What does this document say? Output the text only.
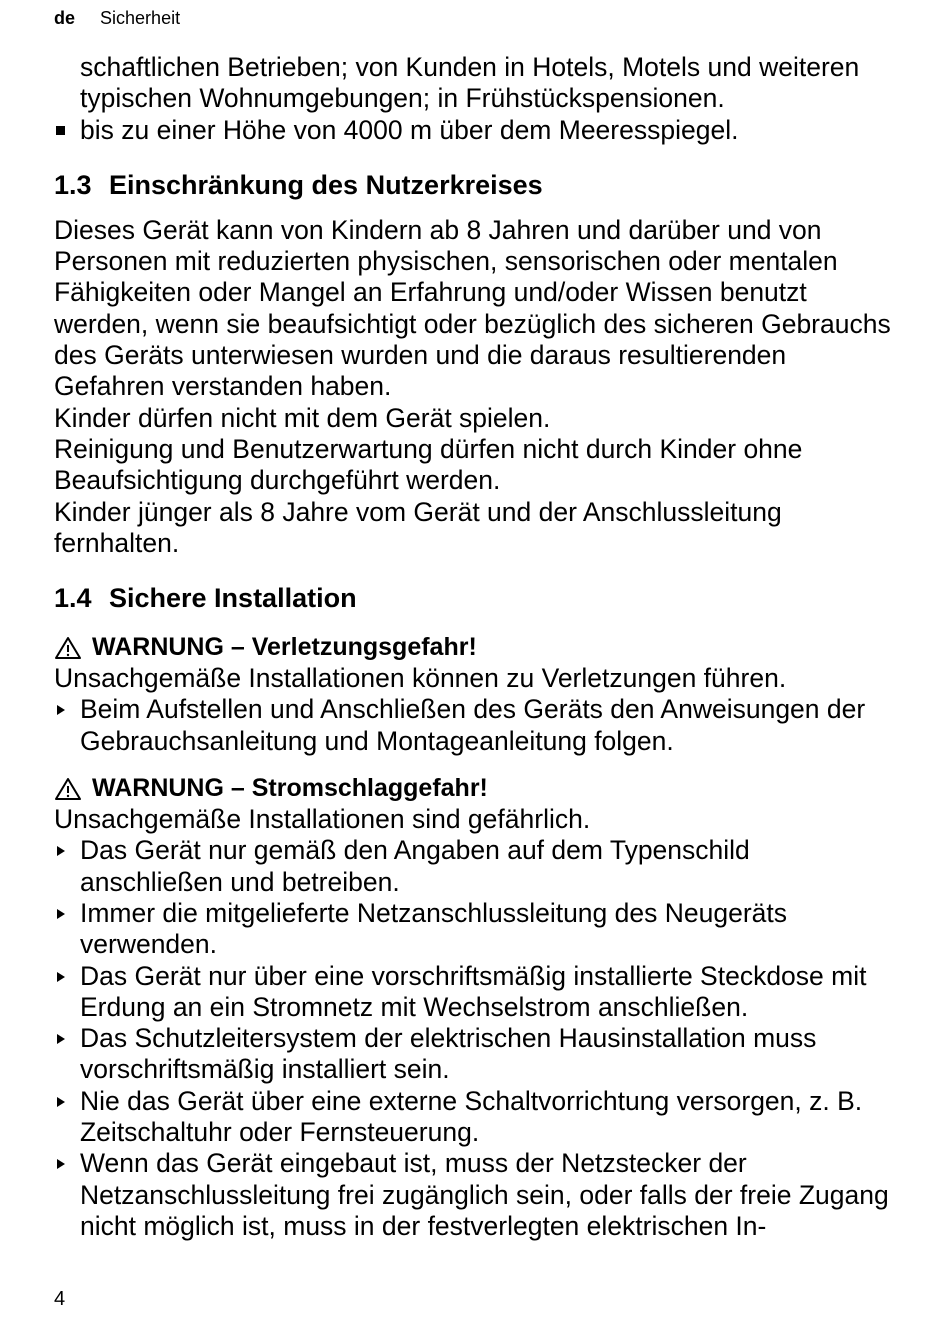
de Sicherheit

schaftlichen Betrieben; von Kunden in Hotels, Motels und weiteren typischen Wohnumgebungen; in Frühstückspensionen.

bis zu einer Höhe von 4000 m über dem Meeresspiegel.
1.3 Einschränkung des Nutzerkreises

Dieses Gerät kann von Kindern ab 8 Jahren und darüber und von Personen mit reduzierten physischen, sensorischen oder mentalen Fähigkeiten oder Mangel an Erfahrung und/oder Wissen benutzt werden, wenn sie beaufsichtigt oder bezüglich des sicheren Gebrauchs des Geräts unterwiesen wurden und die daraus resultierenden Gefahren verstanden haben.

Kinder dürfen nicht mit dem Gerät spielen.

Reinigung und Benutzerwartung dürfen nicht durch Kinder ohne Beaufsichtigung durchgeführt werden.

Kinder jünger als 8 Jahre vom Gerät und der Anschlussleitung fernhalten.

1.4 Sichere Installation
WARNUNG – Verletzungsgefahr!

Unsachgemäße Installationen können zu Verletzungen führen.

Beim Aufstellen und Anschließen des Geräts den Anweisungen der Gebrauchsanleitung und Montageanleitung folgen.
WARNUNG – Stromschlaggefahr!

Unsachgemäße Installationen sind gefährlich.

Das Gerät nur gemäß den Angaben auf dem Typenschild anschließen und betreiben.
Immer die mitgelieferte Netzanschlussleitung des Neugeräts verwenden.
Das Gerät nur über eine vorschriftsmäßig installierte Steckdose mit Erdung an ein Stromnetz mit Wechselstrom anschließen.
Das Schutzleitersystem der elektrischen Hausinstallation muss vorschriftsmäßig installiert sein.
Nie das Gerät über eine externe Schaltvorrichtung versorgen, z. B. Zeitschaltuhr oder Fernsteuerung.
Wenn das Gerät eingebaut ist, muss der Netzstecker der Netzanschlussleitung frei zugänglich sein, oder falls der freie Zugang nicht möglich ist, muss in der festverlegten elektrischen In-
4
